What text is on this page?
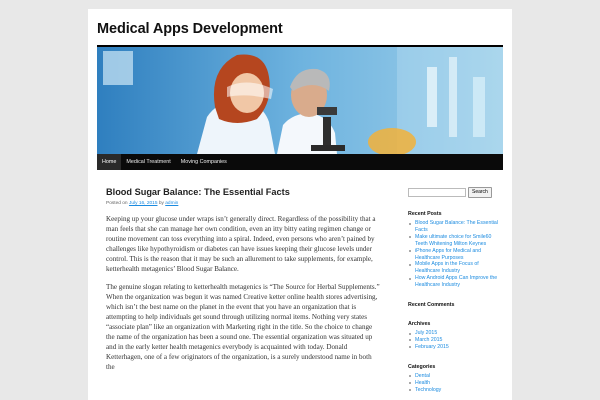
Medical Apps Development
Home	Medical Treatment	Moving Companies
Blood Sugar Balance: The Essential Facts
Posted on July 16, 2015 by admin

Keeping up your glucose under wraps isn’t generally direct. Regardless of the possibility that a man feels that she can manage her own condition, even an itty bitty eating regimen change or routine movement can toss everything into a spiral. Indeed, even persons who aren’t pained by challenges like hypothyroidism or diabetes can have issues keeping their glucose levels under control. This is the reason that it may be such an allurement to take supplements, for example, ketterhealth metagenics’ Blood Sugar Balance.

The genuine slogan relating to ketterhealth metagenics is “The Source for Herbal Supplements.” When the organization was begun it was named Creative ketter online health stores advertising, which isn’t the best name on the planet in the event that you have an organization that is attempting to help individuals get sound through utilizing normal items. Nothing very states “associate plan” like an organization with Marketing right in the title. So the choice to change the name of the organization has been a sound one. The essential organization was situated up and in the early ketter health metagenics everybody is acquainted with today. Donald Ketterhagen, one of a few originators of the organization, is a surely understood name in both the

Search
Recent Posts
Blood Sugar Balance: The Essential Facts
Make ultimate choice for Smile60 Teeth Whitening Milton Keynes
iPhone Apps for Medical and Healthcare Purposes
Mobile Apps in the Focus of Healthcare Industry
How Android Apps Can Improve the Healthcare Industry
Recent Comments
Archives
July 2015
March 2015
February 2015
Categories
Dental
Health
Technology
